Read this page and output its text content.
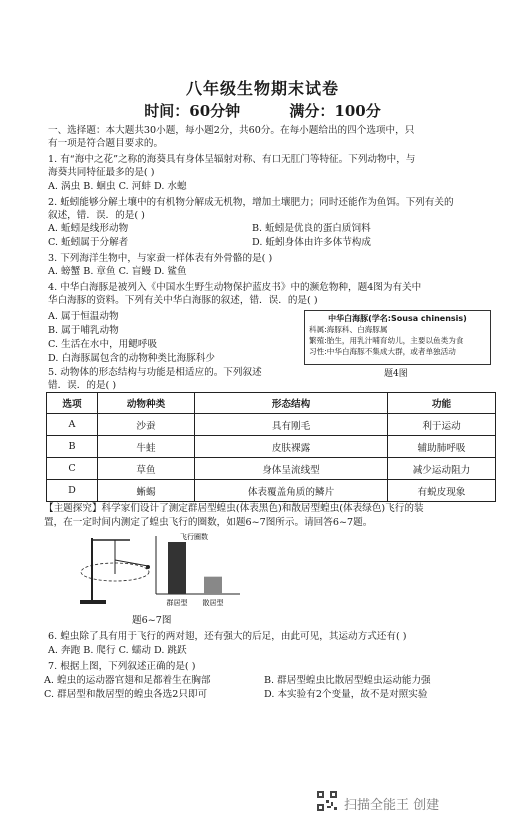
八年级生物期末试卷
时间：60分钟	满分：100分
一、选择题：本大题共30小题，每小题2分，共60分。在每小题给出的四个选项中，只
有一项是符合题目要求的。
1. 有“海中之花”之称的海葵具有身体呈辐射对称、有口无肛门等特征。下列动物中，与
海葵共同特征最多的是( )
A. 涡虫 B. 蛔虫 C. 河蚌 D. 水螅
2. 蚯蚓能够分解土壤中的有机物分解成无机物，增加土壤肥力；同时还能作为鱼饵。下列有关的
叙述，错．误．的是( )
A. 蚯蚓是线形动物	B. 蚯蚓是优良的蛋白质饲料
C. 蚯蚓属于分解者	D. 蚯蚓身体由许多体节构成
3. 下列海洋生物中，与家蚕一样体表有外骨骼的是( )
A. 螃蟹 B. 章鱼 C. 盲鳗 D. 鲨鱼
4. 中华白海豚是被列入《中国水生野生动物保护蓝皮书》中的濒危物种，题4图为有关中
华白海豚的资料。下列有关中华白海豚的叙述，错．误．的是( )
A. 属于恒温动物
B. 属于哺乳动物
C. 生活在水中，用鳃呼吸
D. 白海豚属包含的动物种类比海豚科少
中华白海豚(学名:Sousa chinensis)
科属:海豚科、白海豚属
繁殖:胎生，用乳汁哺育幼儿，主要以鱼类为食
习性:中华白海豚不集成大群，或者单独活动
题4图
5. 动物体的形态结构与功能是相适应的。下列叙述
错．误．的是( )
选项	动物种类	形态结构	功能
A	沙蚕	具有刚毛	利于运动
B	牛蛙	皮肤裸露	辅助肺呼吸
C	草鱼	身体呈流线型	减少运动阻力
D	蜥蜴	体表覆盖角质的鳞片	有蜕皮现象
【主题探究】科学家们设计了测定群居型蝗虫(体表黑色)和散居型蝗虫(体表绿色)飞行的装
置，在一定时间内测定了蝗虫飞行的圈数，如题6~7图所示。请回答6~7题。
飞行圈数
群居型 散居型
题6~7图
6. 蝗虫除了具有用于飞行的两对翅，还有强大的后足，由此可见，其运动方式还有( )
A. 奔跑 B. 爬行 C. 蠕动 D. 跳跃
7. 根据上图，下列叙述正确的是( )
A. 蝗虫的运动器官翅和足都着生在胸部	B. 群居型蝗虫比散居型蝗虫运动能力强
C. 群居型和散居型的蝗虫各选2只即可	D. 本实验有2个变量，故不是对照实验
扫描全能王 创建
